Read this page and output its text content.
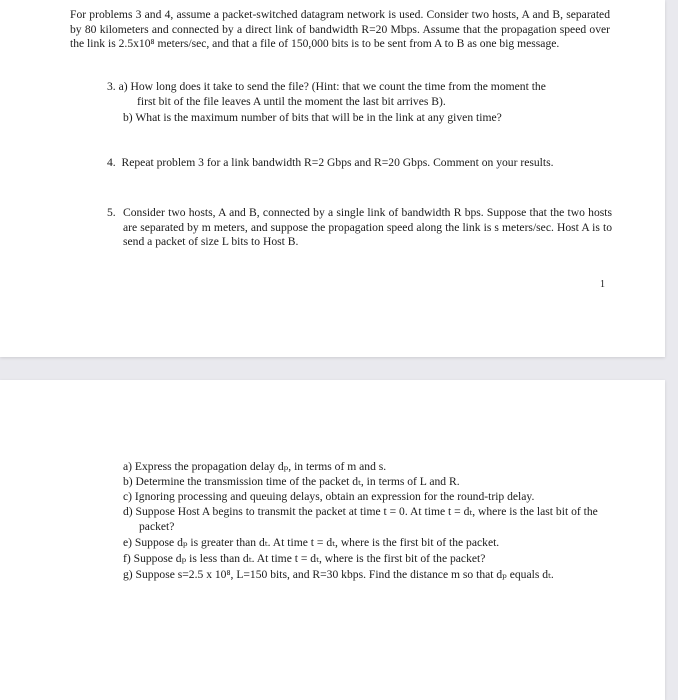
For problems 3 and 4, assume a packet-switched datagram network is used. Consider two hosts, A and B, separated by 80 kilometers and connected by a direct link of bandwidth R=20 Mbps. Assume that the propagation speed over the link is 2.5x10⁸ meters/sec, and that a file of 150,000 bits is to be sent from A to B as one big message.

3. a) How long does it take to send the file? (Hint: that we count the time from the moment the
first bit of the file leaves A until the moment the last bit arrives B).

b) What is the maximum number of bits that will be in the link at any given time?

4. Repeat problem 3 for a link bandwidth R=2 Gbps and R=20 Gbps. Comment on your results.
5. Consider two hosts, A and B, connected by a single link of bandwidth R bps. Suppose that the two hosts are separated by m meters, and suppose the propagation speed along the link is s meters/sec. Host A is to send a packet of size L bits to Host B.
1

a) Express the propagation delay dₚ, in terms of m and s.

b) Determine the transmission time of the packet dₜ, in terms of L and R.

c) Ignoring processing and queuing delays, obtain an expression for the round-trip delay.

d) Suppose Host A begins to transmit the packet at time t = 0. At time t = dₜ, where is the last bit of the packet?

e) Suppose dₚ is greater than dₜ. At time t = dₜ, where is the first bit of the packet.

f) Suppose dₚ is less than dₜ. At time t = dₜ, where is the first bit of the packet?

g) Suppose s=2.5 x 10⁸, L=150 bits, and R=30 kbps. Find the distance m so that dₚ equals dₜ.
